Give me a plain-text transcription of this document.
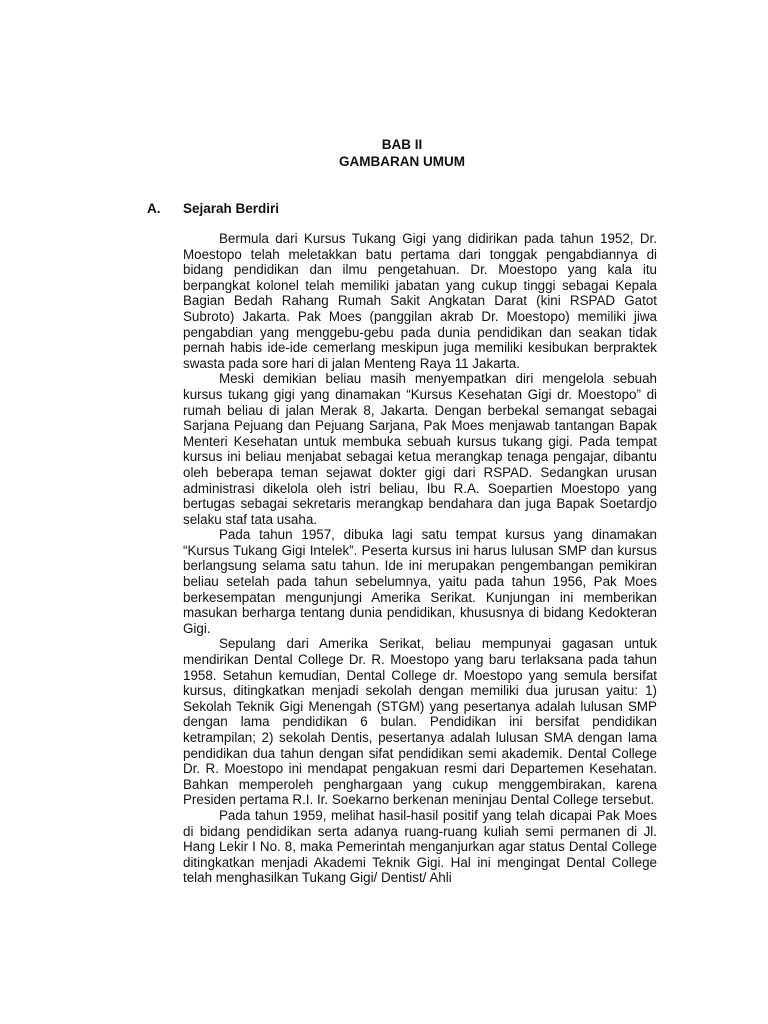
BAB II
GAMBARAN UMUM
A. Sejarah Berdiri

Bermula dari Kursus Tukang Gigi yang didirikan pada tahun 1952, Dr. Moestopo telah meletakkan batu pertama dari tonggak pengabdiannya di bidang pendidikan dan ilmu pengetahuan. Dr. Moestopo yang kala itu berpangkat kolonel telah memiliki jabatan yang cukup tinggi sebagai Kepala Bagian Bedah Rahang Rumah Sakit Angkatan Darat (kini RSPAD Gatot Subroto) Jakarta. Pak Moes (panggilan akrab Dr. Moestopo) memiliki jiwa pengabdian yang menggebu-gebu pada dunia pendidikan dan seakan tidak pernah habis ide-ide cemerlang meskipun juga memiliki kesibukan berpraktek swasta pada sore hari di jalan Menteng Raya 11 Jakarta.

Meski demikian beliau masih menyempatkan diri mengelola sebuah kursus tukang gigi yang dinamakan “Kursus Kesehatan Gigi dr. Moestopo” di rumah beliau di jalan Merak 8, Jakarta. Dengan berbekal semangat sebagai Sarjana Pejuang dan Pejuang Sarjana, Pak Moes menjawab tantangan Bapak Menteri Kesehatan untuk membuka sebuah kursus tukang gigi. Pada tempat kursus ini beliau menjabat sebagai ketua merangkap tenaga pengajar, dibantu oleh beberapa teman sejawat dokter gigi dari RSPAD. Sedangkan urusan administrasi dikelola oleh istri beliau, Ibu R.A. Soepartien Moestopo yang bertugas sebagai sekretaris merangkap bendahara dan juga Bapak Soetardjo selaku staf tata usaha.

Pada tahun 1957, dibuka lagi satu tempat kursus yang dinamakan “Kursus Tukang Gigi Intelek”. Peserta kursus ini harus lulusan SMP dan kursus berlangsung selama satu tahun. Ide ini merupakan pengembangan pemikiran beliau setelah pada tahun sebelumnya, yaitu pada tahun 1956, Pak Moes berkesempatan mengunjungi Amerika Serikat. Kunjungan ini memberikan masukan berharga tentang dunia pendidikan, khususnya di bidang Kedokteran Gigi.

Sepulang dari Amerika Serikat, beliau mempunyai gagasan untuk mendirikan Dental College Dr. R. Moestopo yang baru terlaksana pada tahun 1958. Setahun kemudian, Dental College dr. Moestopo yang semula bersifat kursus, ditingkatkan menjadi sekolah dengan memiliki dua jurusan yaitu: 1) Sekolah Teknik Gigi Menengah (STGM) yang pesertanya adalah lulusan SMP dengan lama pendidikan 6 bulan. Pendidikan ini bersifat pendidikan ketrampilan; 2) sekolah Dentis, pesertanya adalah lulusan SMA dengan lama pendidikan dua tahun dengan sifat pendidikan semi akademik. Dental College Dr. R. Moestopo ini mendapat pengakuan resmi dari Departemen Kesehatan. Bahkan memperoleh penghargaan yang cukup menggembirakan, karena Presiden pertama R.I. Ir. Soekarno berkenan meninjau Dental College tersebut.

Pada tahun 1959, melihat hasil-hasil positif yang telah dicapai Pak Moes di bidang pendidikan serta adanya ruang-ruang kuliah semi permanen di Jl. Hang Lekir I No. 8, maka Pemerintah menganjurkan agar status Dental College ditingkatkan menjadi Akademi Teknik Gigi. Hal ini mengingat Dental College telah menghasilkan Tukang Gigi/ Dentist/ Ahli
